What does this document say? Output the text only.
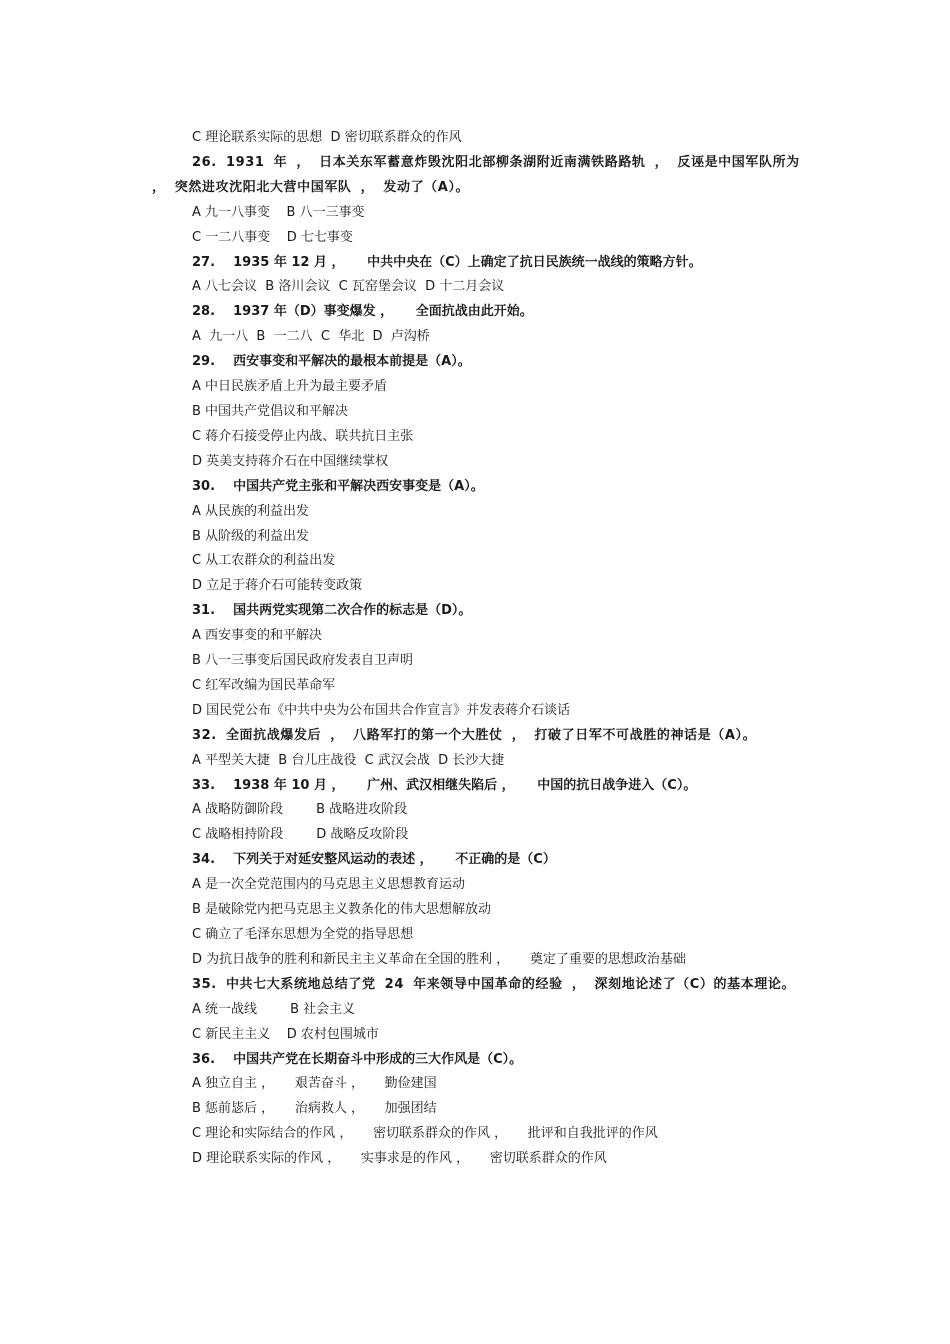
C 理论联系实际的思想  D 密切联系群众的作风
26. 1931 年 ， 日本关东军蓄意炸毁沈阳北部柳条湖附近南满铁路路轨 ， 反诬是中国军队所为 ， 突然进攻沈阳北大营中国军队 ， 发动了（A）。
A 九一八事变    B 八一三事变
C 一二八事变    D 七七事变
27.    1935 年 12 月 ，     中共中央在（C）上确定了抗日民族统一战线的策略方针。
A 八七会议  B 洛川会议  C 瓦窑堡会议  D 十二月会议
28.    1937 年（D）事变爆发 ，     全面抗战由此开始。
A  九一八  B  一二八  C  华北  D  卢沟桥
29.    西安事变和平解决的最根本前提是（A）。
A 中日民族矛盾上升为最主要矛盾
B 中国共产党倡议和平解决
C 蒋介石接受停止内战、联共抗日主张
D 英美支持蒋介石在中国继续掌权
30.    中国共产党主张和平解决西安事变是（A）。
A 从民族的利益出发
B 从阶级的利益出发
C 从工农群众的利益出发
D 立足于蒋介石可能转变政策
31.    国共两党实现第二次合作的标志是（D）。
A 西安事变的和平解决
B 八一三事变后国民政府发表自卫声明
C 红军改编为国民革命军
D 国民党公布《中共中央为公布国共合作宣言》并发表蒋介石谈话
32. 全面抗战爆发后 ， 八路军打的第一个大胜仗 ， 打破了日军不可战胜的神话是（A）。
A 平型关大捷  B 台儿庄战役  C 武汉会战  D 长沙大捷
33.    1938 年 10 月 ，     广州、武汉相继失陷后 ，     中国的抗日战争进入（C）。
A 战略防御阶段        B 战略进攻阶段
C 战略相持阶段        D 战略反攻阶段
34.    下列关于对延安整风运动的表述 ，     不正确的是（C）
A 是一次全党范围内的马克思主义思想教育运动
B 是破除党内把马克思主义教条化的伟大思想解放动
C 确立了毛泽东思想为全党的指导思想
D 为抗日战争的胜利和新民主主义革命在全国的胜利 ，     奠定了重要的思想政治基础
35. 中共七大系统地总结了党 24 年来领导中国革命的经验 ， 深刻地论述了（C）的基本理论。
A 统一战线        B 社会主义
C 新民主主义    D 农村包围城市
36.    中国共产党在长期奋斗中形成的三大作风是（C）。
A 独立自主 ，     艰苦奋斗 ，     勤俭建国
B 惩前毖后 ，     治病救人 ，     加强团结
C 理论和实际结合的作风 ，     密切联系群众的作风 ，     批评和自我批评的作风
D 理论联系实际的作风 ，     实事求是的作风 ，     密切联系群众的作风
